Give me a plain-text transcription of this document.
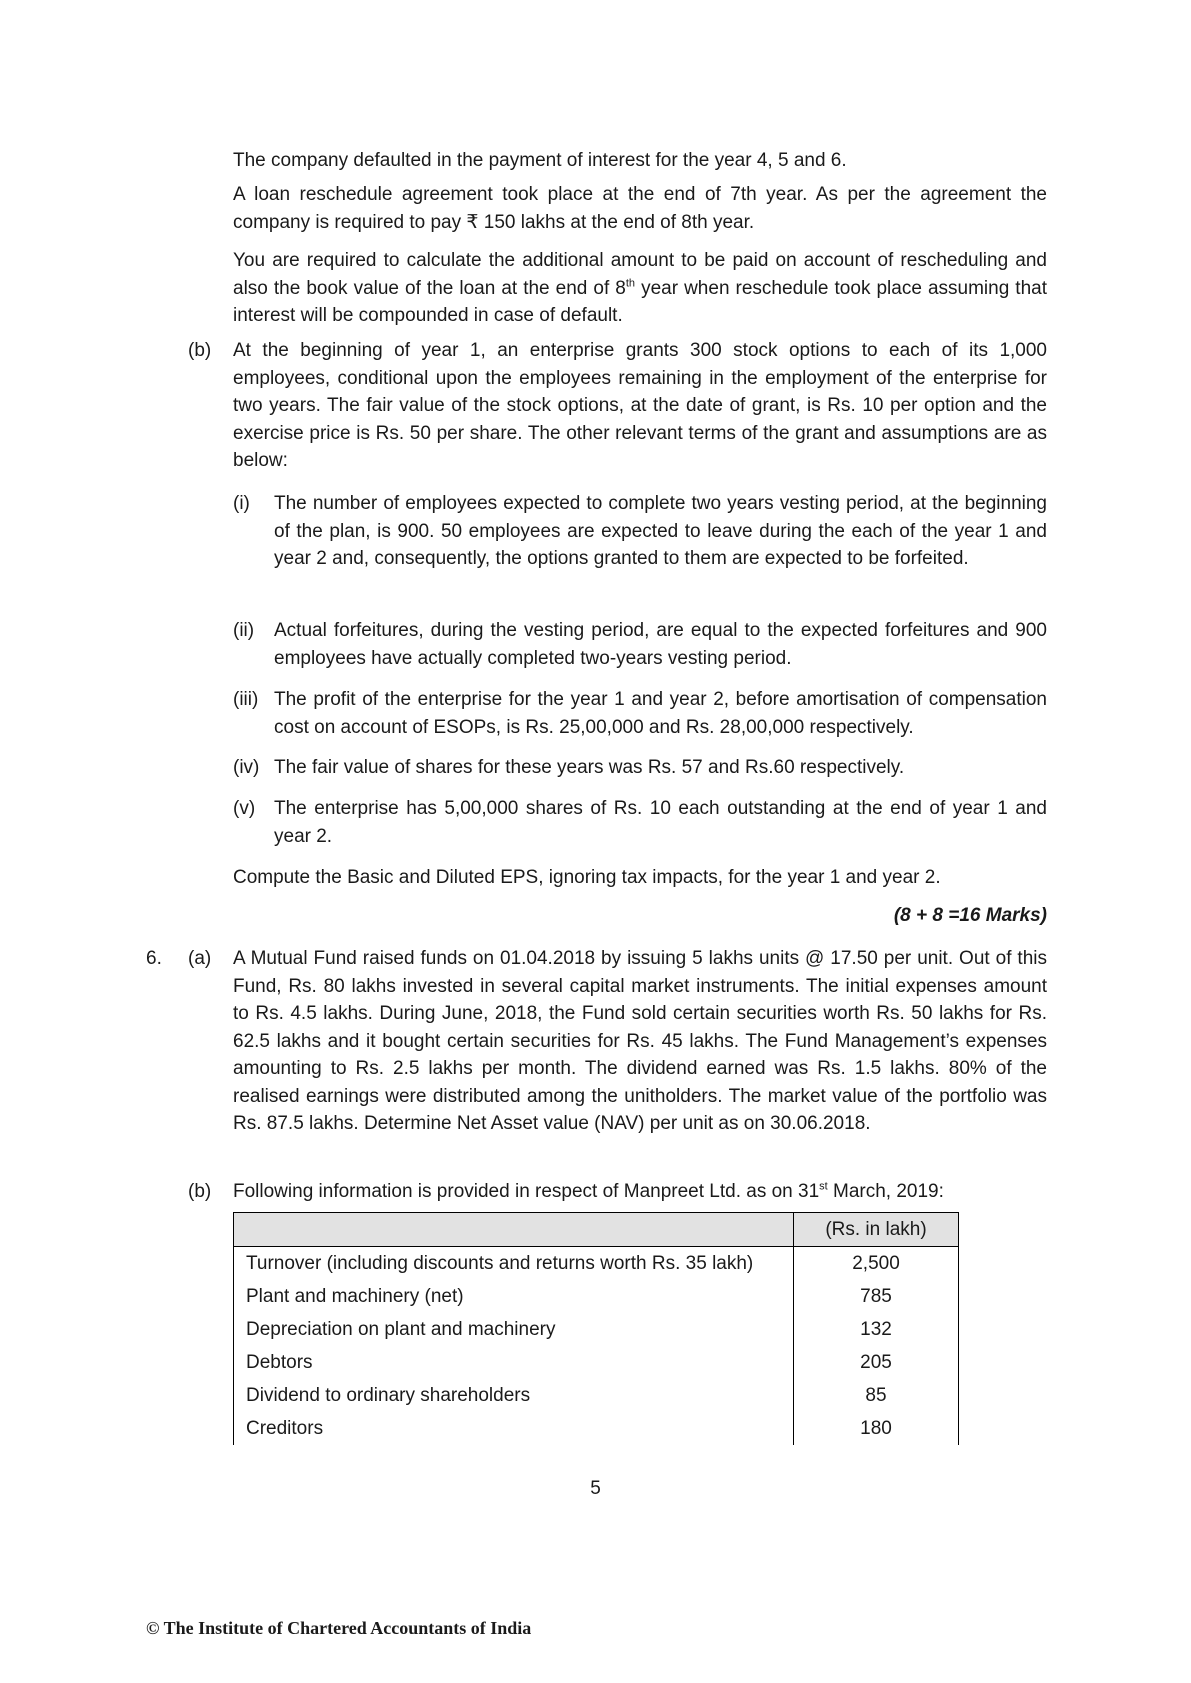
The company defaulted in the payment of interest for the year 4, 5 and 6.
A loan reschedule agreement took place at the end of 7th year. As per the agreement the company is required to pay ₹ 150 lakhs at the end of 8th year.
You are required to calculate the additional amount to be paid on account of rescheduling and also the book value of the loan at the end of 8th year when reschedule took place assuming that interest will be compounded in case of default.
(b) At the beginning of year 1, an enterprise grants 300 stock options to each of its 1,000 employees, conditional upon the employees remaining in the employment of the enterprise for two years. The fair value of the stock options, at the date of grant, is Rs. 10 per option and the exercise price is Rs. 50 per share. The other relevant terms of the grant and assumptions are as below:
(i) The number of employees expected to complete two years vesting period, at the beginning of the plan, is 900. 50 employees are expected to leave during the each of the year 1 and year 2 and, consequently, the options granted to them are expected to be forfeited.
(ii) Actual forfeitures, during the vesting period, are equal to the expected forfeitures and 900 employees have actually completed two-years vesting period.
(iii) The profit of the enterprise for the year 1 and year 2, before amortisation of compensation cost on account of ESOPs, is Rs. 25,00,000 and Rs. 28,00,000 respectively.
(iv) The fair value of shares for these years was Rs. 57 and Rs.60 respectively.
(v) The enterprise has 5,00,000 shares of Rs. 10 each outstanding at the end of year 1 and year 2.
Compute the Basic and Diluted EPS, ignoring tax impacts, for the year 1 and year 2.
(8 + 8 =16 Marks)
6. (a) A Mutual Fund raised funds on 01.04.2018 by issuing 5 lakhs units @ 17.50 per unit. Out of this Fund, Rs. 80 lakhs invested in several capital market instruments. The initial expenses amount to Rs. 4.5 lakhs. During June, 2018, the Fund sold certain securities worth Rs. 50 lakhs for Rs. 62.5 lakhs and it bought certain securities for Rs. 45 lakhs. The Fund Management’s expenses amounting to Rs. 2.5 lakhs per month. The dividend earned was Rs. 1.5 lakhs. 80% of the realised earnings were distributed among the unitholders. The market value of the portfolio was Rs. 87.5 lakhs. Determine Net Asset value (NAV) per unit as on 30.06.2018.
(b) Following information is provided in respect of Manpreet Ltd. as on 31st March, 2019:
	(Rs. in lakh)
Turnover (including discounts and returns worth Rs. 35 lakh)	2,500
Plant and machinery (net)	785
Depreciation on plant and machinery	132
Debtors	205
Dividend to ordinary shareholders	85
Creditors	180
5
© The Institute of Chartered Accountants of India
